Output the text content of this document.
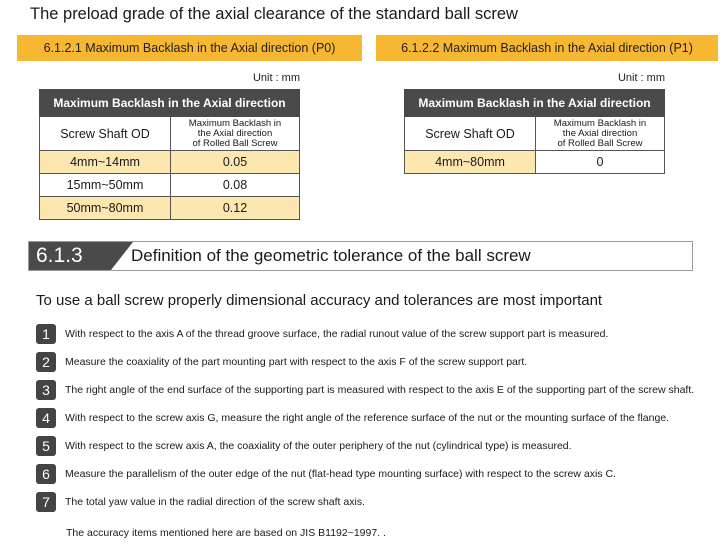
The preload grade of the axial clearance of the standard ball screw
6.1.2.1 Maximum Backlash in the Axial direction (P0)
Unit : mm
Maximum Backlash in the Axial direction	
Screw Shaft OD	Maximum Backlash in
the Axial direction
of Rolled Ball Screw

4mm~14mm	0.05
15mm~50mm	0.08
50mm~80mm	0.12
6.1.2.2 Maximum Backlash in the Axial direction (P1)
Unit : mm
Maximum Backlash in the Axial direction	
Screw Shaft OD	Maximum Backlash in
the Axial direction
of Rolled Ball Screw

4mm~80mm	0
6.1.3	Definition of the geometric tolerance of the ball screw
To use a ball screw properly dimensional accuracy and tolerances are most important
1 With respect to the axis A of the thread groove surface, the radial runout value of the screw support part is measured.
2 Measure the coaxiality of the part mounting part with respect to the axis F of the screw support part.
3 The right angle of the end surface of the supporting part is measured with respect to the axis E of the supporting part of the screw shaft.
4 With respect to the screw axis G, measure the right angle of the reference surface of the nut or the mounting surface of the flange.
5 With respect to the screw axis A, the coaxiality of the outer periphery of the nut (cylindrical type) is measured.
6 Measure the parallelism of the outer edge of the nut (flat-head type mounting surface) with respect to the screw axis C.
7 The total yaw value in the radial direction of the screw shaft axis.
The accuracy items mentioned here are based on JIS B1192~1997. .
